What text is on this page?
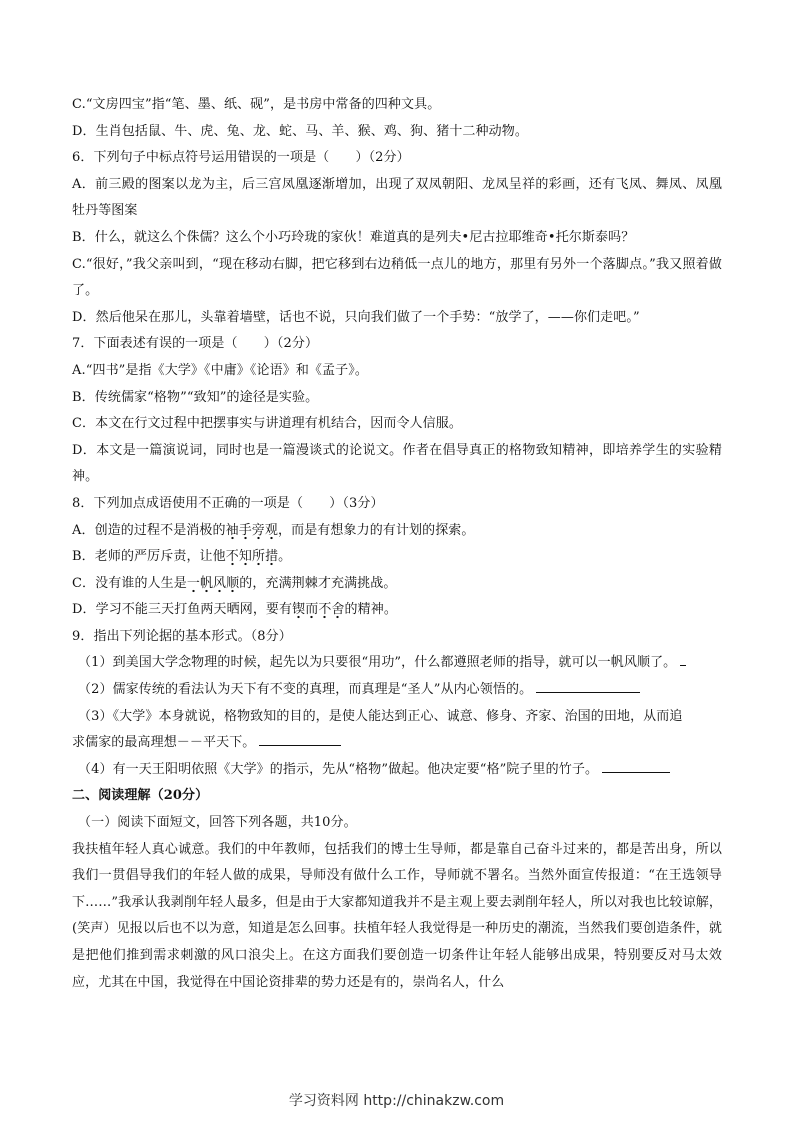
C.“文房四宝”指“笔、墨、纸、砚”，是书房中常备的四种文具。
D．生肖包括鼠、牛、虎、兔、龙、蛇、马、羊、猴、鸡、狗、猪十二种动物。
6．下列句子中标点符号运用错误的一项是（　　）（2分）
A．前三殿的图案以龙为主，后三宫凤凰逐渐增加，出现了双凤朝阳、龙凤呈祥的彩画，还有飞凤、舞凤、凤凰牡丹等图案
B．什么，就这么个侏儒？这么个小巧玲珑的家伙！难道真的是列夫•尼古拉耶维奇•托尔斯泰吗？
C.“很好，”我父亲叫到，“现在移动右脚，把它移到右边稍低一点儿的地方，那里有另外一个落脚点。”我又照着做了。
D．然后他呆在那儿，头靠着墙壁，话也不说，只向我们做了一个手势：“放学了，——你们走吧。”
7．下面表述有误的一项是（　　）（2分）
A.“四书”是指《大学》《中庸》《论语》和《孟子》。
B．传统儒家“格物”“致知”的途径是实验。
C．本文在行文过程中把摆事实与讲道理有机结合，因而令人信服。
D．本文是一篇演说词，同时也是一篇漫谈式的论说文。作者在倡导真正的格物致知精神，即培养学生的实验精神。
8．下列加点成语使用不正确的一项是（　　）（3分）
A．创造的过程不是消极的袖手旁观，而是有想象力的有计划的探索。
B．老师的严厉斥责，让他不知所措。
C．没有谁的人生是一帆风顺的，充满荆棘才充满挑战。
D．学习不能三天打鱼两天晒网，要有锲而不舍的精神。
9．指出下列论据的基本形式。（8分）
（1）到美国大学念物理的时候，起先以为只要很“用功”，什么都遵照老师的指导，就可以一帆风顺了。
（2）儒家传统的看法认为天下有不变的真理，而真理是“圣人”从内心领悟的。
（3）《大学》本身就说，格物致知的目的，是使人能达到正心、诚意、修身、齐家、治国的田地，从而追
求儒家的最高理想－－平天下。
（4）有一天王阳明依照《大学》的指示，先从“格物”做起。他决定要“格”院子里的竹子。
二、阅读理解（20分）
（一）阅读下面短文，回答下列各题，共10分。
我扶植年轻人真心诚意。我们的中年教师，包括我们的博士生导师，都是靠自己奋斗过来的，都是苦出身，所以我们一贯倡导我们的年轻人做的成果，导师没有做什么工作，导师就不署名。当然外面宣传报道：“在王选领导下……”我承认我剥削年轻人最多，但是由于大家都知道我并不是主观上要去剥削年轻人，所以对我也比较谅解，(笑声）见报以后也不以为意，知道是怎么回事。扶植年轻人我觉得是一种历史的潮流，当然我们要创造条件，就是把他们推到需求刺激的风口浪尖上。在这方面我们要创造一切条件让年轻人能够出成果，特别要反对马太效应，尤其在中国，我觉得在中国论资排辈的势力还是有的，崇尚名人，什么
学习资料网 http://chinakzw.com
